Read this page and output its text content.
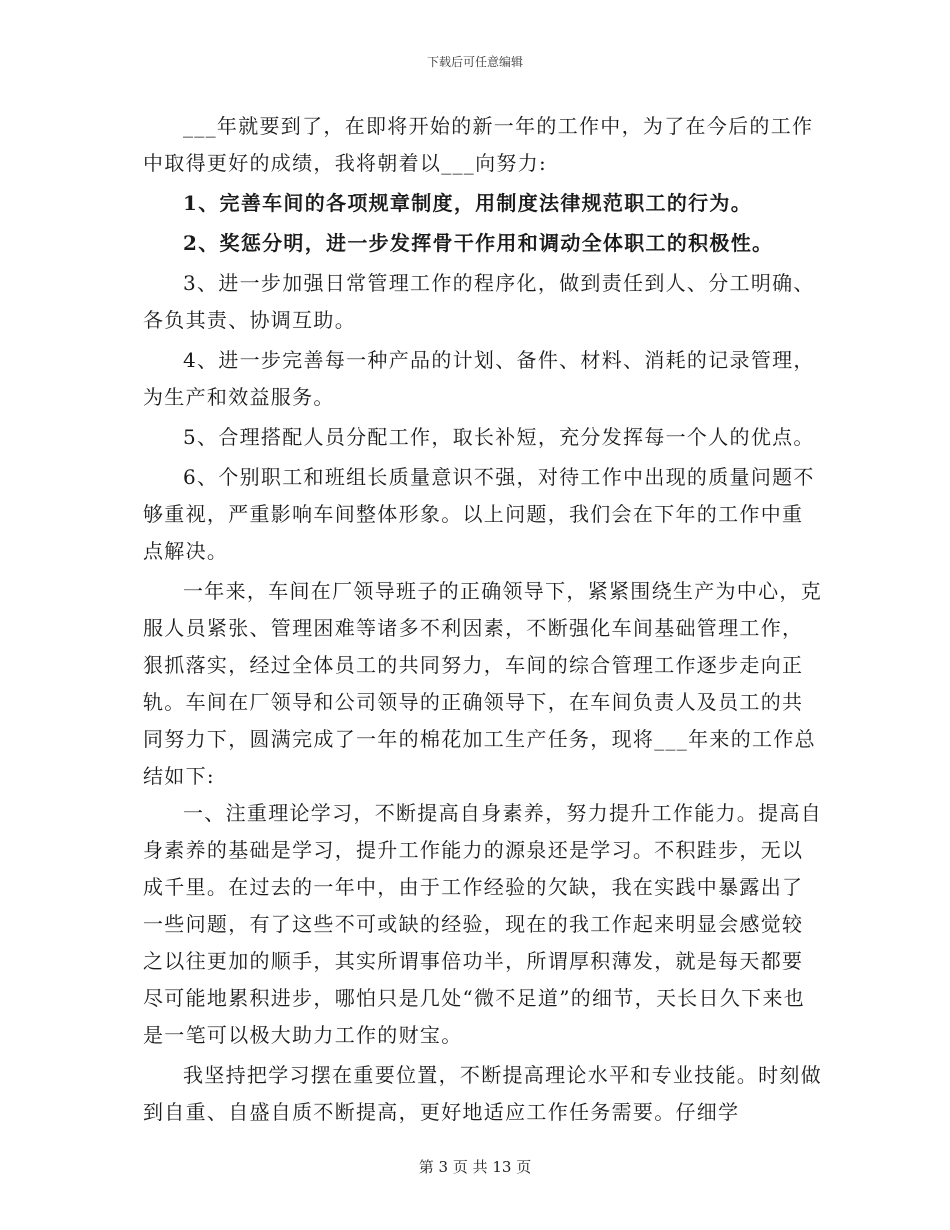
下载后可任意编辑

___年就要到了，在即将开始的新一年的工作中，为了在今后的工作中取得更好的成绩，我将朝着以___向努力:

1、完善车间的各项规章制度，用制度法律规范职工的行为。

2、奖惩分明，进一步发挥骨干作用和调动全体职工的积极性。

3、进一步加强日常管理工作的程序化，做到责任到人、分工明确、各负其责、协调互助。

4、进一步完善每一种产品的计划、备件、材料、消耗的记录管理，为生产和效益服务。

5、合理搭配人员分配工作，取长补短，充分发挥每一个人的优点。

6、个别职工和班组长质量意识不强，对待工作中出现的质量问题不够重视，严重影响车间整体形象。以上问题，我们会在下年的工作中重点解决。

一年来，车间在厂领导班子的正确领导下，紧紧围绕生产为中心，克服人员紧张、管理困难等诸多不利因素，不断强化车间基础管理工作，狠抓落实，经过全体员工的共同努力，车间的综合管理工作逐步走向正轨。车间在厂领导和公司领导的正确领导下，在车间负责人及员工的共同努力下，圆满完成了一年的棉花加工生产任务，现将___年来的工作总结如下:

一、注重理论学习，不断提高自身素养，努力提升工作能力。提高自身素养的基础是学习，提升工作能力的源泉还是学习。不积跬步，无以成千里。在过去的一年中，由于工作经验的欠缺，我在实践中暴露出了一些问题，有了这些不可或缺的经验，现在的我工作起来明显会感觉较之以往更加的顺手，其实所谓事倍功半，所谓厚积薄发，就是每天都要尽可能地累积进步，哪怕只是几处“微不足道”的细节，天长日久下来也是一笔可以极大助力工作的财宝。

我坚持把学习摆在重要位置，不断提高理论水平和专业技能。时刻做到自重、自盛自质不断提高，更好地适应工作任务需要。仔细学

第 3 页 共 13 页
